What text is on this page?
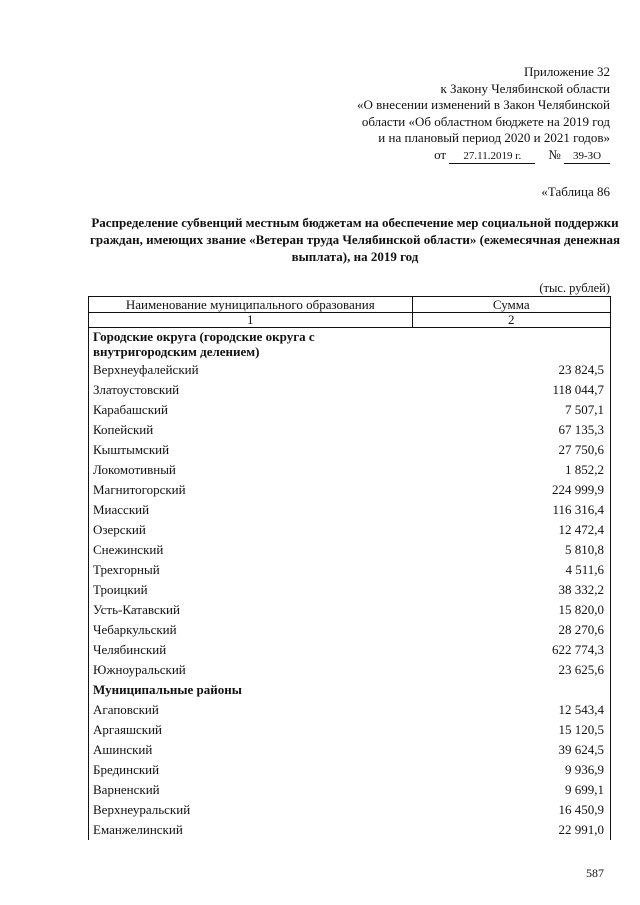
Приложение 32
к Закону Челябинской области
«О внесении изменений в Закон Челябинской
области «Об областном бюджете на 2019 год
и на плановый период 2020 и 2021 годов»
от 27.11.2019 г. № 39-ЗО
«Таблица 86
Распределение субвенций местным бюджетам на обеспечение мер социальной поддержки граждан, имеющих звание «Ветеран труда Челябинской области» (ежемесячная денежная выплата), на 2019 год
(тыс. рублей)
Наименование муниципального образования	Сумма
1	2
Городские округа (городские округа с внутригородским делением)	
Верхнеуфалейский	23 824,5
Златоустовский	118 044,7
Карабашский	7 507,1
Копейский	67 135,3
Кыштымский	27 750,6
Локомотивный	1 852,2
Магнитогорский	224 999,9
Миасский	116 316,4
Озерский	12 472,4
Снежинский	5 810,8
Трехгорный	4 511,6
Троицкий	38 332,2
Усть-Катавский	15 820,0
Чебаркульский	28 270,6
Челябинский	622 774,3
Южноуральский	23 625,6
Муниципальные районы	
Агаповский	12 543,4
Аргаяшский	15 120,5
Ашинский	39 624,5
Брединский	9 936,9
Варненский	9 699,1
Верхнеуральский	16 450,9
Еманжелинский	22 991,0
587
